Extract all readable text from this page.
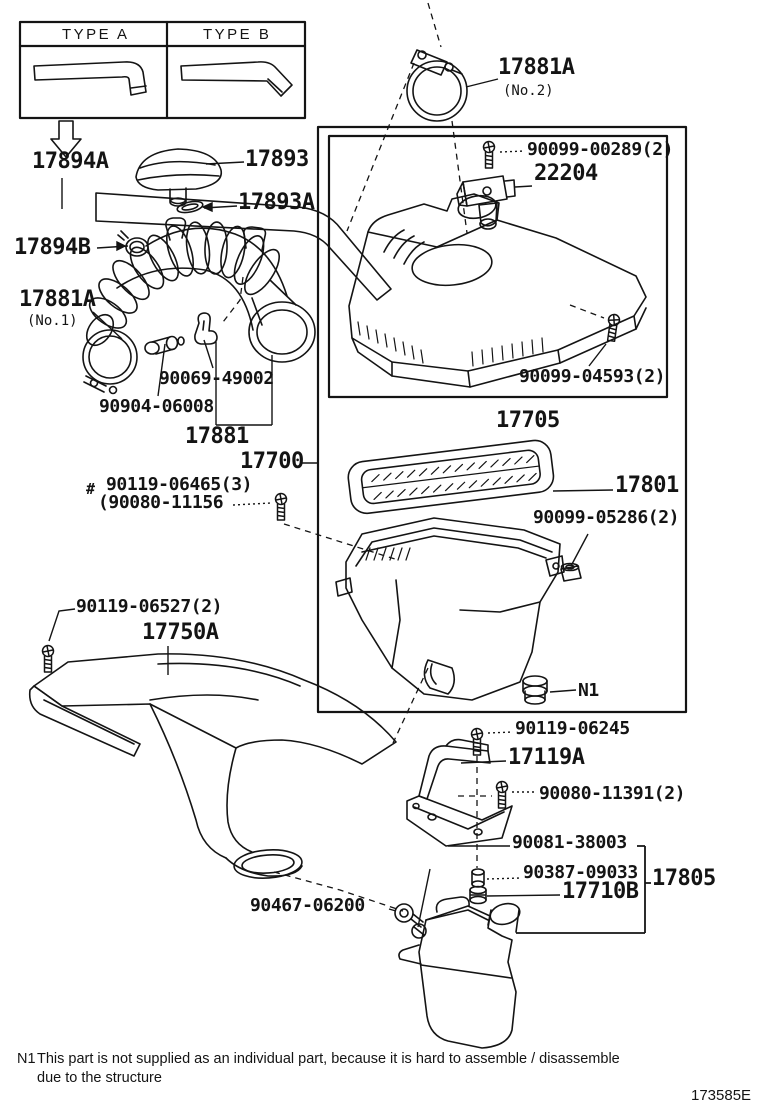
TYPE A	TYPE B
17894A	17893
17893A
17894B
17881A
(No.1)
90069-49002
90904-06008
17881
17700
# 90119-06465(3)
(90080-11156
90119-06527(2)
17750A
90467-06200
17881A
(No.2)
90099-00289(2)
22204
90099-04593(2)
17705
17801
90099-05286(2)
N1
90119-06245
17119A
90080-11391(2)
90081-38003
90387-09033
17710B
17805
N1 This part is not supplied as an individual part, because it is hard to assemble / disassemble
due to the structure
173585E
